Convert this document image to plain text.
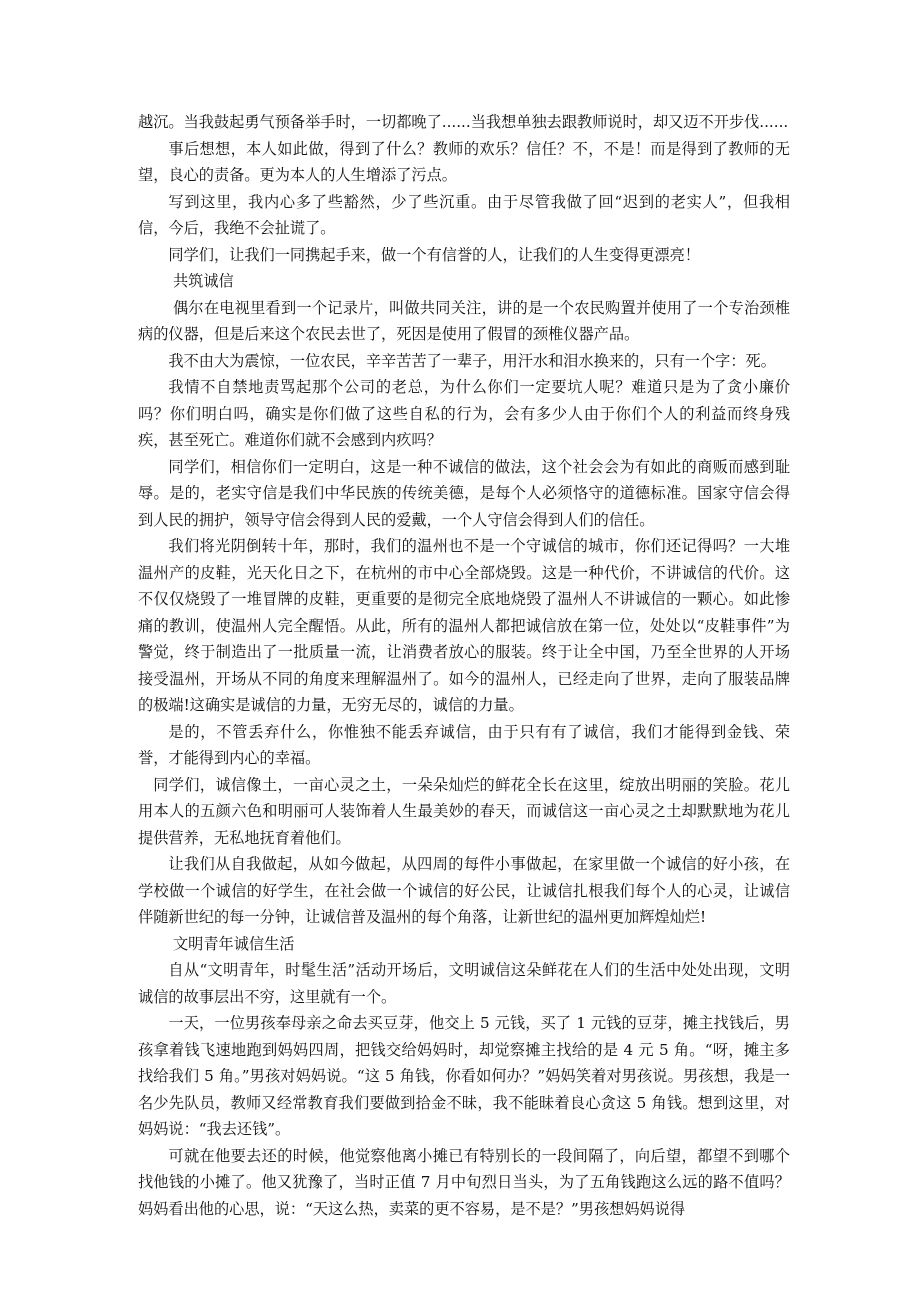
越沉。当我鼓起勇气预备举手时，一切都晚了......当我想单独去跟教师说时，却又迈不开步伐......

事后想想，本人如此做，得到了什么？教师的欢乐？信任？不，不是！而是得到了教师的无望，良心的责备。更为本人的人生增添了污点。

写到这里，我内心多了些豁然，少了些沉重。由于尽管我做了回“迟到的老实人”，但我相信，今后，我绝不会扯谎了。

同学们，让我们一同携起手来，做一个有信誉的人，让我们的人生变得更漂亮！

共筑诚信

偶尔在电视里看到一个记录片，叫做共同关注，讲的是一个农民购置并使用了一个专治颈椎病的仪器，但是后来这个农民去世了，死因是使用了假冒的颈椎仪器产品。

我不由大为震惊，一位农民，辛辛苦苦了一辈子，用汗水和泪水换来的，只有一个字：死。

我情不自禁地责骂起那个公司的老总，为什么你们一定要坑人呢？难道只是为了贪小廉价吗？你们明白吗，确实是你们做了这些自私的行为，会有多少人由于你们个人的利益而终身残疾，甚至死亡。难道你们就不会感到内疚吗？

同学们，相信你们一定明白，这是一种不诚信的做法，这个社会会为有如此的商贩而感到耻辱。是的，老实守信是我们中华民族的传统美德，是每个人必须恪守的道德标准。国家守信会得到人民的拥护，领导守信会得到人民的爱戴，一个人守信会得到人们的信任。

我们将光阴倒转十年，那时，我们的温州也不是一个守诚信的城市，你们还记得吗？一大堆温州产的皮鞋，光天化日之下，在杭州的市中心全部烧毁。这是一种代价，不讲诚信的代价。这不仅仅烧毁了一堆冒牌的皮鞋，更重要的是彻完全底地烧毁了温州人不讲诚信的一颗心。如此惨痛的教训，使温州人完全醒悟。从此，所有的温州人都把诚信放在第一位，处处以“皮鞋事件”为警觉，终于制造出了一批质量一流，让消费者放心的服装。终于让全中国，乃至全世界的人开场接受温州，开场从不同的角度来理解温州了。如今的温州人，已经走向了世界，走向了服装品牌的极端!这确实是诚信的力量，无穷无尽的，诚信的力量。

是的，不管丢弃什么，你惟独不能丢弃诚信，由于只有有了诚信，我们才能得到金钱、荣誉，才能得到内心的幸福。

同学们，诚信像土，一亩心灵之土，一朵朵灿烂的鲜花全长在这里，绽放出明丽的笑脸。花儿用本人的五颜六色和明丽可人装饰着人生最美妙的春天，而诚信这一亩心灵之土却默默地为花儿提供营养，无私地抚育着他们。

让我们从自我做起，从如今做起，从四周的每件小事做起，在家里做一个诚信的好小孩，在学校做一个诚信的好学生，在社会做一个诚信的好公民，让诚信扎根我们每个人的心灵，让诚信伴随新世纪的每一分钟，让诚信普及温州的每个角落，让新世纪的温州更加辉煌灿烂!

文明青年诚信生活

自从“文明青年，时髦生活”活动开场后，文明诚信这朵鲜花在人们的生活中处处出现，文明诚信的故事层出不穷，这里就有一个。

一天，一位男孩奉母亲之命去买豆芽，他交上 5 元钱，买了 1 元钱的豆芽，摊主找钱后，男孩拿着钱飞速地跑到妈妈四周，把钱交给妈妈时，却觉察摊主找给的是 4 元 5 角。“呀，摊主多找给我们 5 角。”男孩对妈妈说。“这 5 角钱，你看如何办？”妈妈笑着对男孩说。男孩想，我是一名少先队员，教师又经常教育我们要做到拾金不昧，我不能昧着良心贪这 5 角钱。想到这里，对妈妈说：“我去还钱”。

可就在他要去还的时候，他觉察他离小摊已有特别长的一段间隔了，向后望，都望不到哪个找他钱的小摊了。他又犹豫了，当时正值 7 月中旬烈日当头，为了五角钱跑这么远的路不值吗？妈妈看出他的心思，说：“天这么热，卖菜的更不容易，是不是？”男孩想妈妈说得
